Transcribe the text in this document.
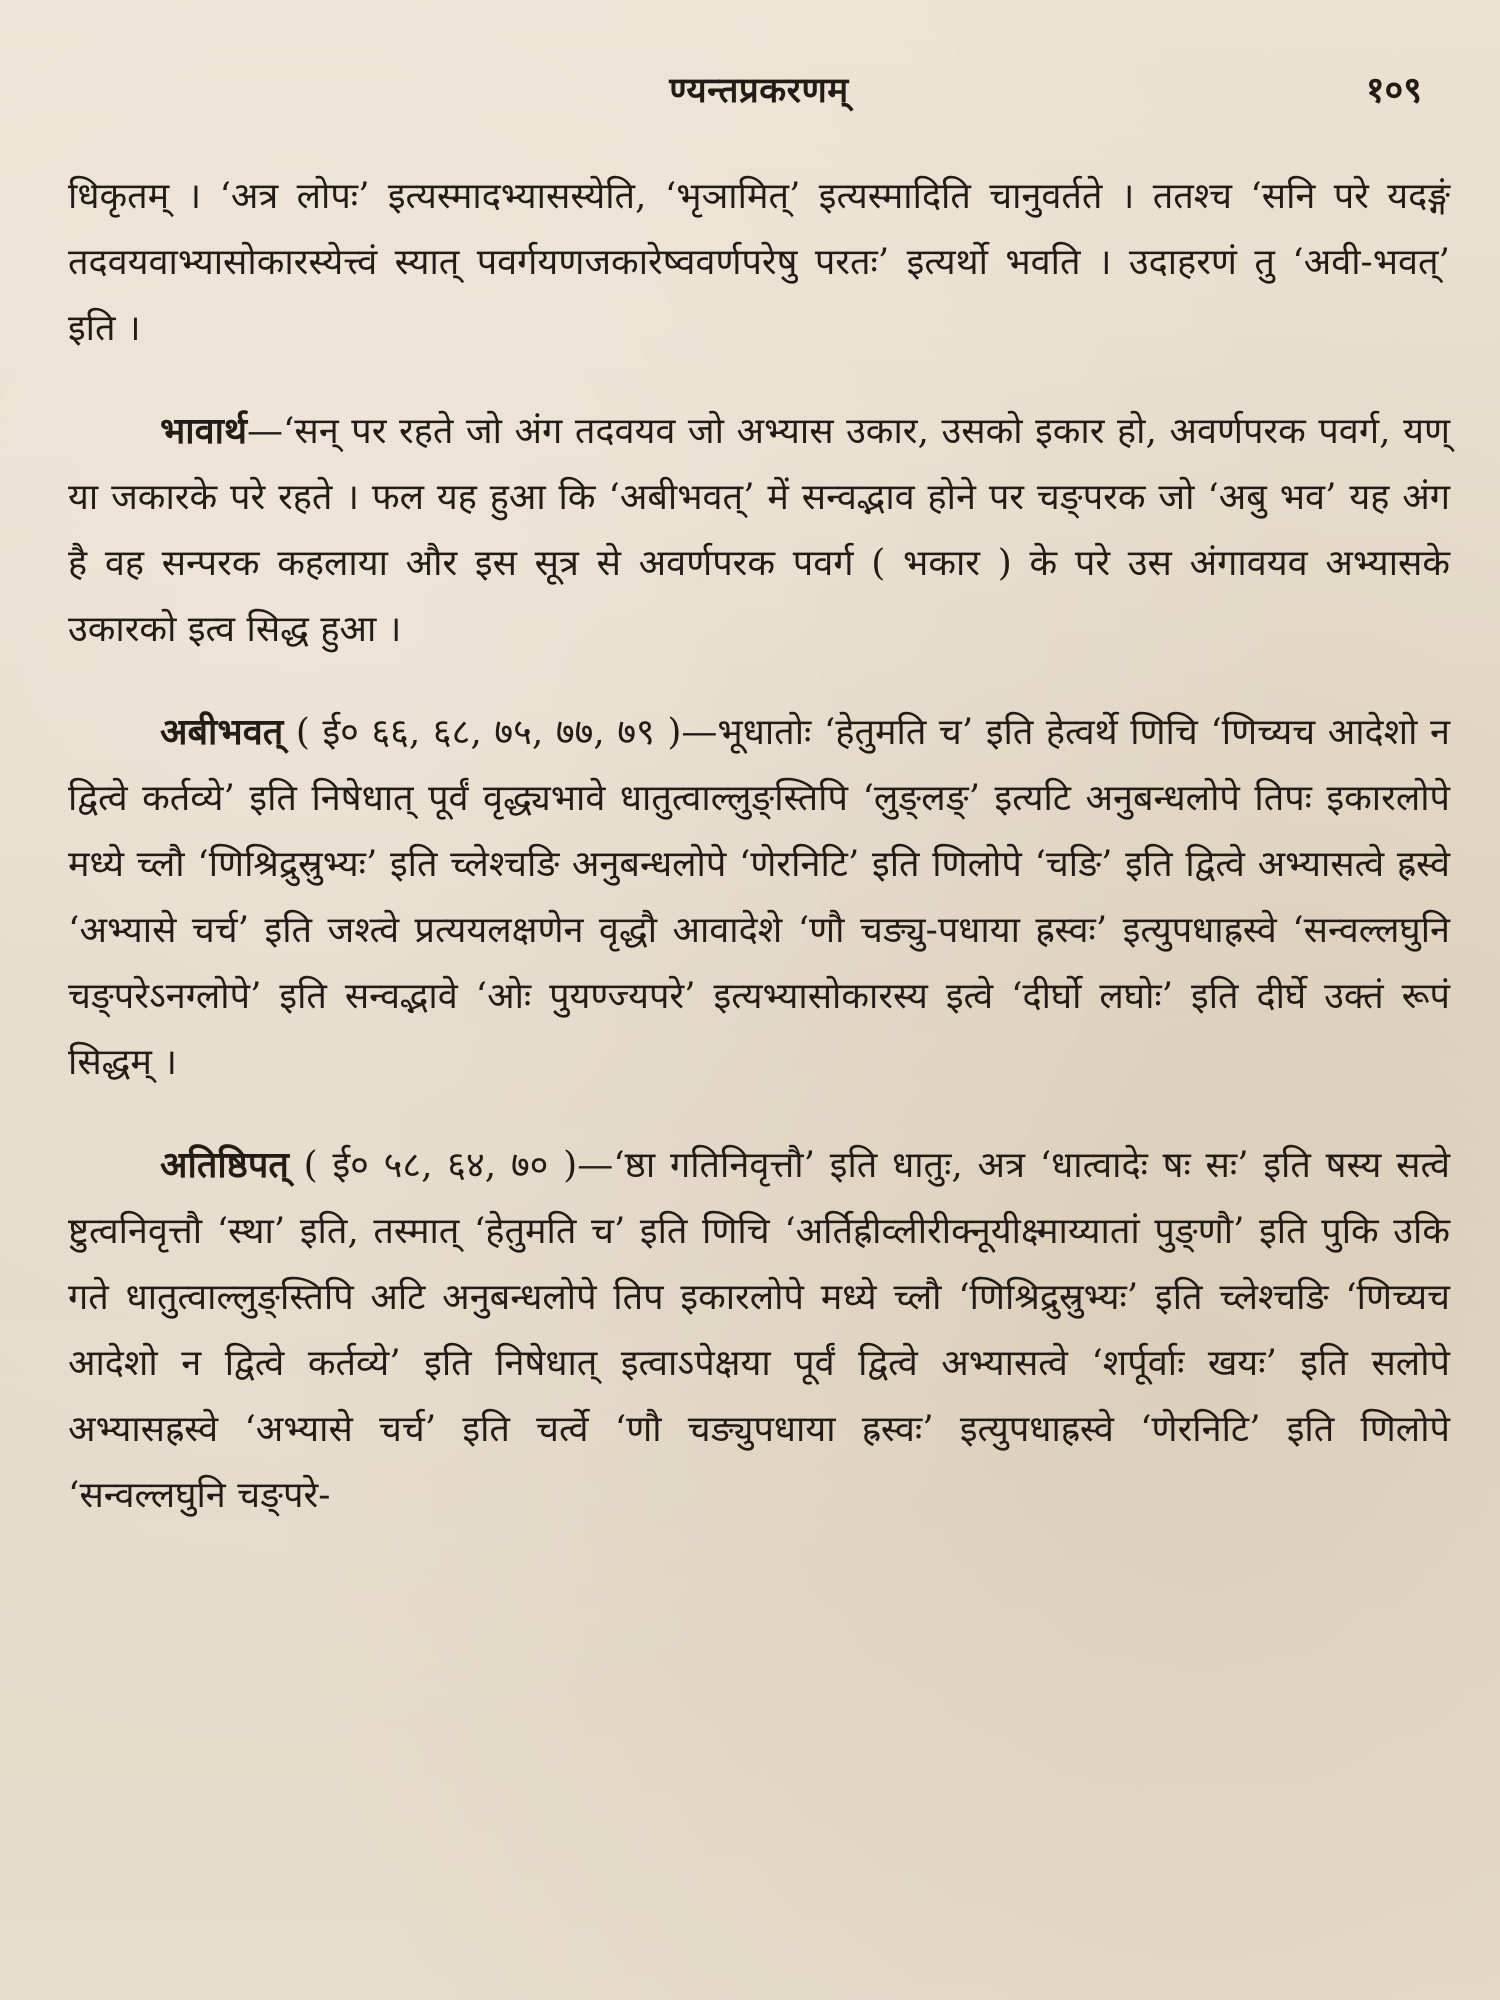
ण्यन्तप्रकरणम्	१०९

धिकृतम् । ‘अत्र लोपः’ इत्यस्मादभ्यासस्येति, ‘भृञामित्’ इत्यस्मादिति चानुवर्तते । ततश्च ‘सनि परे यदङ्गं तदवयवाभ्यासोकारस्येत्त्वं स्यात् पवर्गयणजकारेष्ववर्णपरेषु परतः’ इत्यर्थो भवति । उदाहरणं तु ‘अवी-भवत्’ इति ।

भावार्थ—‘सन् पर रहते जो अंग तदवयव जो अभ्यास उकार, उसको इकार हो, अवर्णपरक पवर्ग, यण् या जकारके परे रहते । फल यह हुआ कि ‘अबीभवत्’ में सन्वद्भाव होने पर चङ्परक जो ‘अबु भव’ यह अंग है वह सन्परक कहलाया और इस सूत्र से अवर्णपरक पवर्ग ( भकार ) के परे उस अंगावयव अभ्यासके उकारको इत्व सिद्ध हुआ ।

अबीभवत् ( ई० ६६, ६८, ७५, ७७, ७९ )—भूधातोः ‘हेतुमति च’ इति हेत्वर्थे णिचि ‘णिच्यच आदेशो न द्वित्वे कर्तव्ये’ इति निषेधात् पूर्वं वृद्ध्यभावे धातुत्वाल्लुङ्स्तिपि ‘लुङ्लङ्’ इत्यटि अनुबन्धलोपे तिपः इकारलोपे मध्ये च्लौ ‘णिश्रिद्रुस्रुभ्यः’ इति च्लेश्चङि अनुबन्धलोपे ‘णेरनिटि’ इति णिलोपे ‘चङि’ इति द्वित्वे अभ्यासत्वे ह्रस्वे ‘अभ्यासे चर्च’ इति जश्त्वे प्रत्ययलक्षणेन वृद्धौ आवादेशे ‘णौ चङ्यु-पधाया ह्रस्वः’ इत्युपधाह्रस्वे ‘सन्वल्लघुनि चङ्परेऽनग्लोपे’ इति सन्वद्भावे ‘ओः पुयण्ज्यपरे’ इत्यभ्यासोकारस्य इत्वे ‘दीर्घो लघोः’ इति दीर्घे उक्तं रूपं सिद्धम् ।

अतिष्ठिपत् ( ई० ५८, ६४, ७० )—‘ष्ठा गतिनिवृत्तौ’ इति धातुः, अत्र ‘धात्वादेः षः सः’ इति षस्य सत्वे ष्टुत्वनिवृत्तौ ‘स्था’ इति, तस्मात् ‘हेतुमति च’ इति णिचि ‘अर्तिह्रीव्लीरीक्नूयीक्ष्माय्यातां पुङ्णौ’ इति पुकि उकि गते धातुत्वाल्लुङ्स्तिपि अटि अनुबन्धलोपे तिप इकारलोपे मध्ये च्लौ ‘णिश्रिद्रुस्रुभ्यः’ इति च्लेश्चङि ‘णिच्यच आदेशो न द्वित्वे कर्तव्ये’ इति निषेधात् इत्वाऽपेक्षया पूर्वं द्वित्वे अभ्यासत्वे ‘शर्पूर्वाः खयः’ इति सलोपे अभ्यासह्रस्वे ‘अभ्यासे चर्च’ इति चर्त्वे ‘णौ चङ्युपधाया ह्रस्वः’ इत्युपधाह्रस्वे ‘णेरनिटि’ इति णिलोपे ‘सन्वल्लघुनि चङ्परे-
